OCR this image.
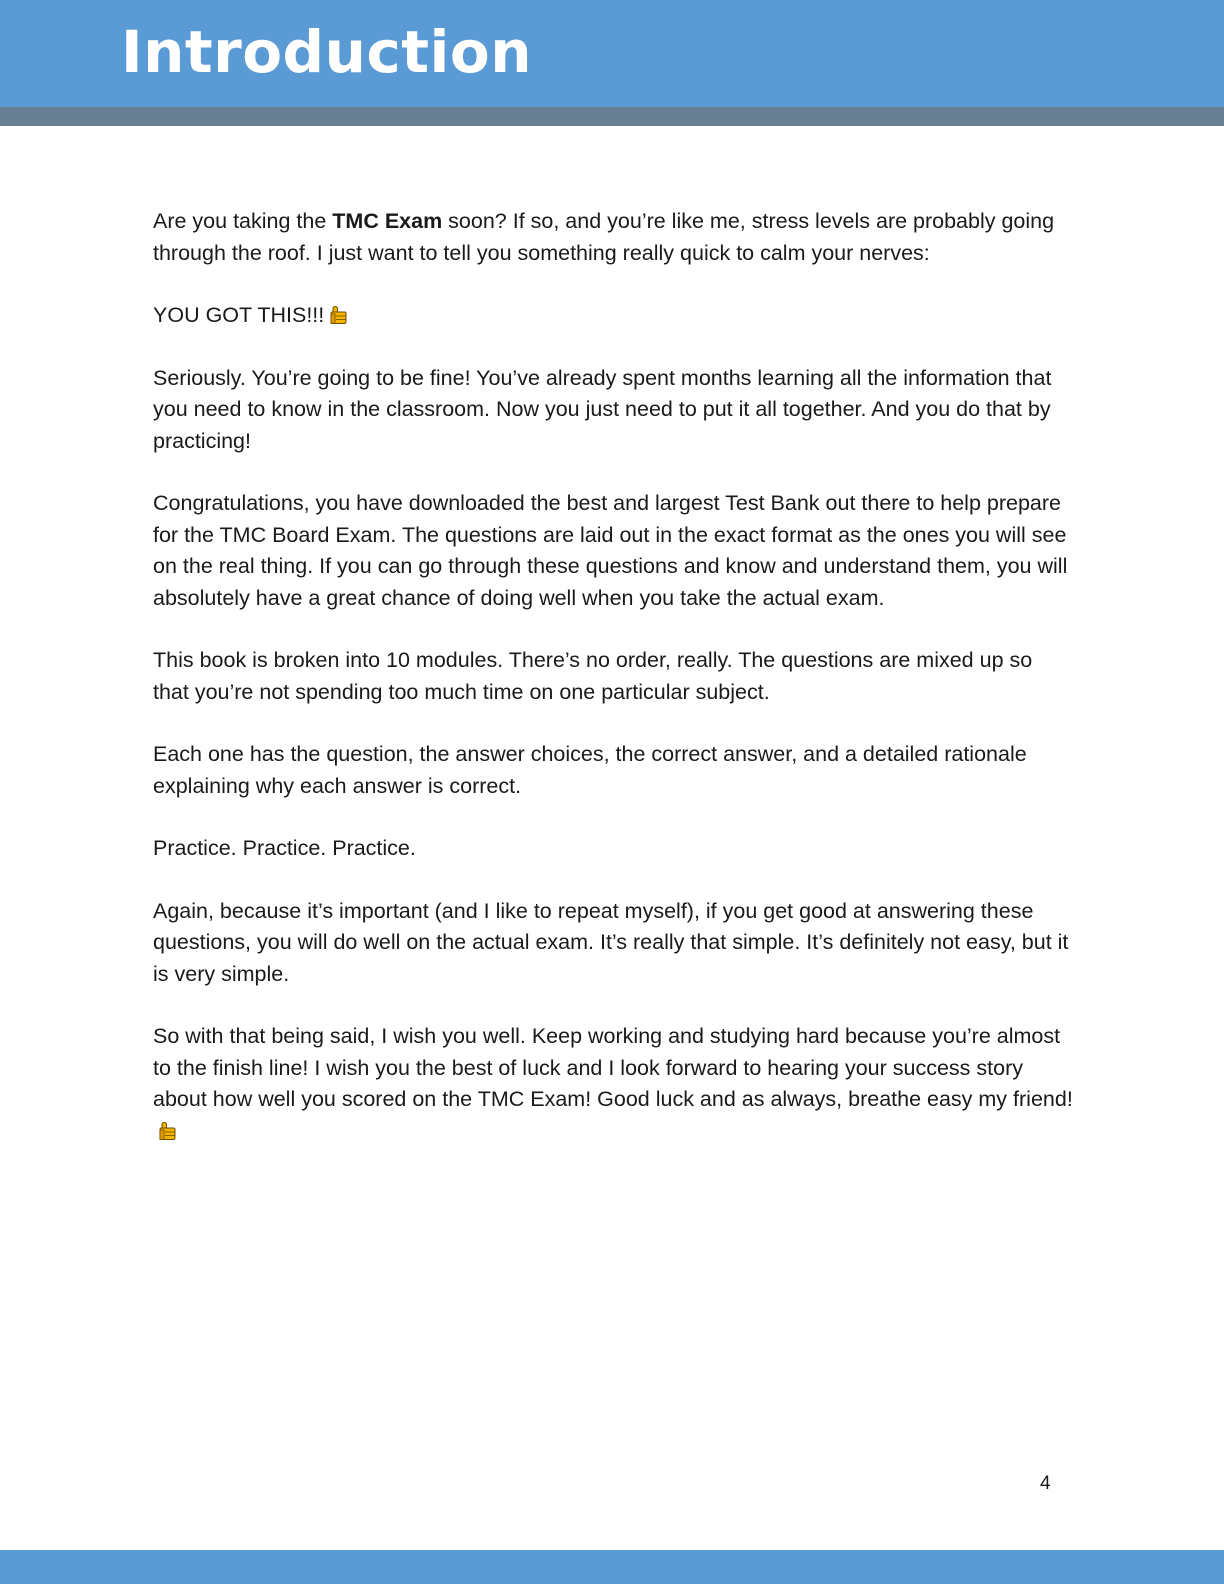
Introduction

Are you taking the TMC Exam soon? If so, and you’re like me, stress levels are probably going through the roof. I just want to tell you something really quick to calm your nerves:

YOU GOT THIS!!!

Seriously. You’re going to be fine! You’ve already spent months learning all the information that you need to know in the classroom. Now you just need to put it all together. And you do that by practicing!

Congratulations, you have downloaded the best and largest Test Bank out there to help prepare for the TMC Board Exam. The questions are laid out in the exact format as the ones you will see on the real thing. If you can go through these questions and know and understand them, you will absolutely have a great chance of doing well when you take the actual exam.

This book is broken into 10 modules. There’s no order, really. The questions are mixed up so that you’re not spending too much time on one particular subject.

Each one has the question, the answer choices, the correct answer, and a detailed rationale explaining why each answer is correct.

Practice. Practice. Practice.

Again, because it’s important (and I like to repeat myself), if you get good at answering these questions, you will do well on the actual exam. It’s really that simple. It’s definitely not easy, but it is very simple.

So with that being said, I wish you well. Keep working and studying hard because you’re almost to the finish line! I wish you the best of luck and I look forward to hearing your success story about how well you scored on the TMC Exam! Good luck and as always, breathe easy my friend!

4
